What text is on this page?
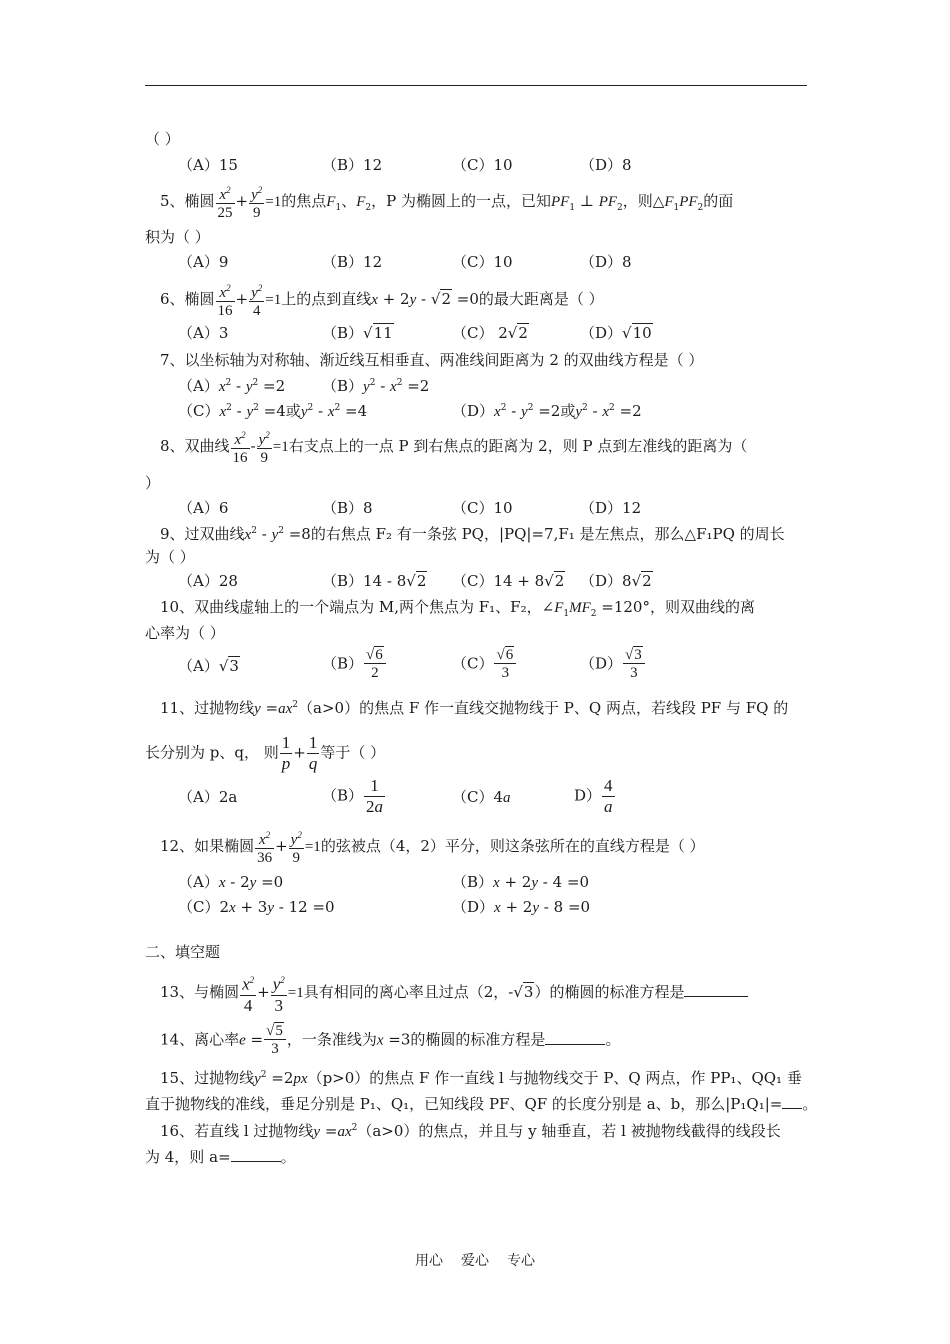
（ ）
（A）15	（B）12	（C）10	（D）8
5、椭圆 $\frac{x^2}{25} + \frac{y^2}{9} =1$的焦点$F_1$、$F_2$，P 为椭圆上的一点，已知$PF_1$ ⊥ $PF_2$，则$\triangle F_1PF_2$的面
积为（ ）
（A）9	（B）12	（C）10	（D）8
6、椭圆 $\frac{x^2}{16} + \frac{y^2}{4} =1$上的点到直线x + 2y - √2 =0的最大距离是（ ）
（A）3	（B）√11	（C） 2√2	（D）√10
7、以坐标轴为对称轴、渐近线互相垂直、两准线间距离为 2 的双曲线方程是（ ）
$(A)x^2 - y^2 =2$ $(B)y^2 - x^2 =2$
$(C)x^2 - y^2 =4$或$y^2 - x^2 =4$	$(D)x^2 - y^2 =2$或$y^2 - x^2 =2$
8、双曲线 $\frac{x^2}{16} - \frac{y^2}{9} =1$右支点上的一点 P 到右焦点的距离为 2，则 P 点到左准线的距离为（
）
（A）6	（B）8	（C）10	（D）12
9、过双曲线$x^2 - y^2 =8$的右焦点 F₂ 有一条弦 PQ，|PQ|=7,F₁ 是左焦点，那么△F₁PQ 的周长
为（ ）
（A）28	（B）14 - 8√2 （C）14 + 8√2 （D）8√2
10、双曲线虚轴上的一个端点为 M,两个焦点为 F₁、F₂，$\angle F_1MF_2 =120^\circ$，则双曲线的离
心率为（ ）
（A）√3	$(B) \frac{√6}{2}$	$(C) \frac{√6}{3}$	$(D) \frac{√3}{3}$
11、过抛物线$y =ax^2(a>0)$的焦点 F 作一直线交抛物线于 P、Q 两点，若线段 PF 与 FQ 的
长分别为 p、q， 则 $\frac{1}{p} + \frac{1}{q}$ 等于（ ）
（A）2a	$(B) \frac{1}{2a}$	（C）4a	$D) \frac{4}{a}$
12、如果椭圆 $\frac{x^2}{36} + \frac{y^2}{9} =1$的弦被点（4，2）平分，则这条弦所在的直线方程是（ ）
（A）x - 2y =0	（B）x + 2y - 4 =0
（C）2x + 3y - 12 =0	（D）x + 2y - 8 =0
二、填空题
13、与椭圆 $\frac{x^2}{4} + \frac{y^2}{3} =1$具有相同的离心率且过点（2，-√3）的椭圆的标准方程是
14、离心率$e = \frac{√5}{3}$ ，一条准线为x =3的椭圆的标准方程是	。
15、过抛物线$y^2 =2px(p>0)$的焦点 F 作一直线 l 与抛物线交于 P、Q 两点，作 PP₁、QQ₁ 垂
直于抛物线的准线，垂足分别是 P₁、Q₁，已知线段 PF、QF 的长度分别是 a、b，那么|P₁Q₁|= 。
16、若直线 l 过抛物线$y =ax^2(a>0)$的焦点，并且与 y 轴垂直，若 l 被抛物线截得的线段长
为 4，则 a=	。
用心 爱心 专心
